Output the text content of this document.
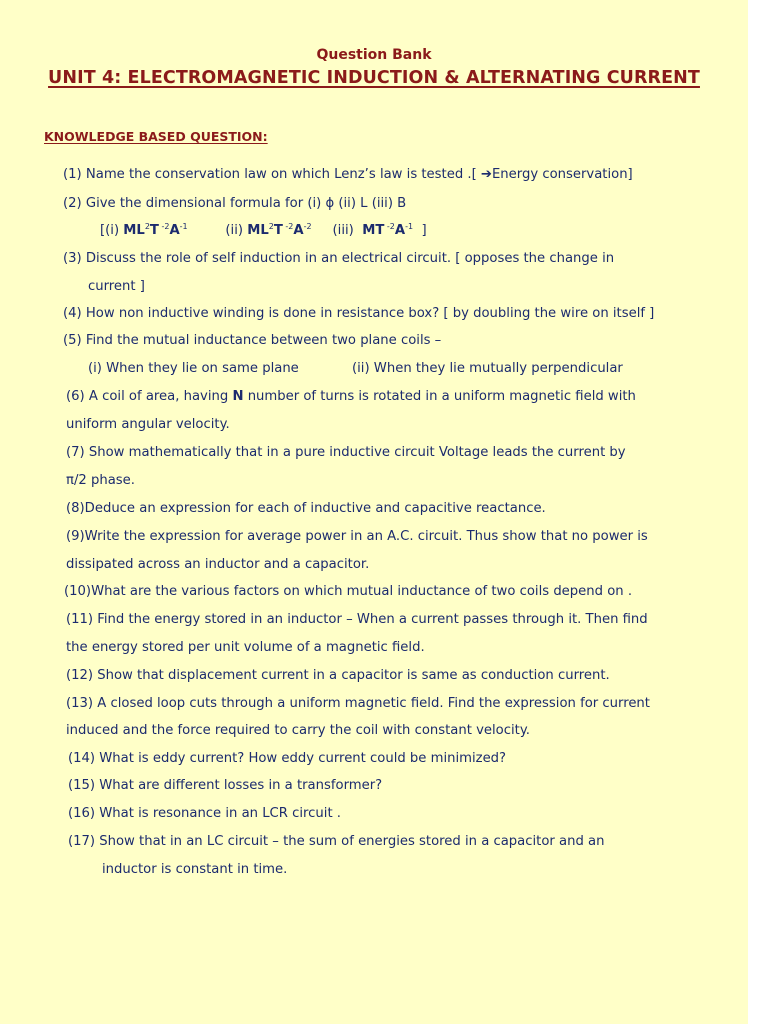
Question Bank
UNIT 4: ELECTROMAGNETIC INDUCTION & ALTERNATING CURRENT
KNOWLEDGE BASED QUESTION:
(1) Name the conservation law on which Lenz’s law is tested .[ ➔Energy conservation]
(2) Give the dimensional formula for (i) ϕ (ii) L (iii) B
[(i) $ML^2T$ $^{-2}A^{-1}$         (ii) $ML^2T$ $^{-2}A^{-2}$     (iii)  MT $^{-2}A^{-1}$  ]
(3) Discuss the role of self induction in an electrical circuit. [ opposes the change in
current ]
(4) How non inductive winding is done in resistance box? [ by doubling the wire on itself ]
(5) Find the mutual inductance between two plane coils –
(i) When they lie on same plane	(ii) When they lie mutually perpendicular
(6) A coil of area, having N number of turns is rotated in a uniform magnetic field with
uniform angular velocity.
(7) Show mathematically that in a pure inductive circuit Voltage leads the current by
π/2 phase.
(8)Deduce an expression for each of inductive and capacitive reactance.
(9)Write the expression for average power in an A.C. circuit. Thus show that no power is
dissipated across an inductor and a capacitor.
(10)What are the various factors on which mutual inductance of two coils depend on .
(11) Find the energy stored in an inductor – When a current passes through it. Then find
the energy stored per unit volume of a magnetic field.
(12) Show that displacement current in a capacitor is same as conduction current.
(13) A closed loop cuts through a uniform magnetic field. Find the expression for current
induced and the force required to carry the coil with constant velocity.
(14) What is eddy current? How eddy current could be minimized?
(15) What are different losses in a transformer?
(16) What is resonance in an LCR circuit .
(17) Show that in an LC circuit – the sum of energies stored in a capacitor and an
inductor is constant in time.
